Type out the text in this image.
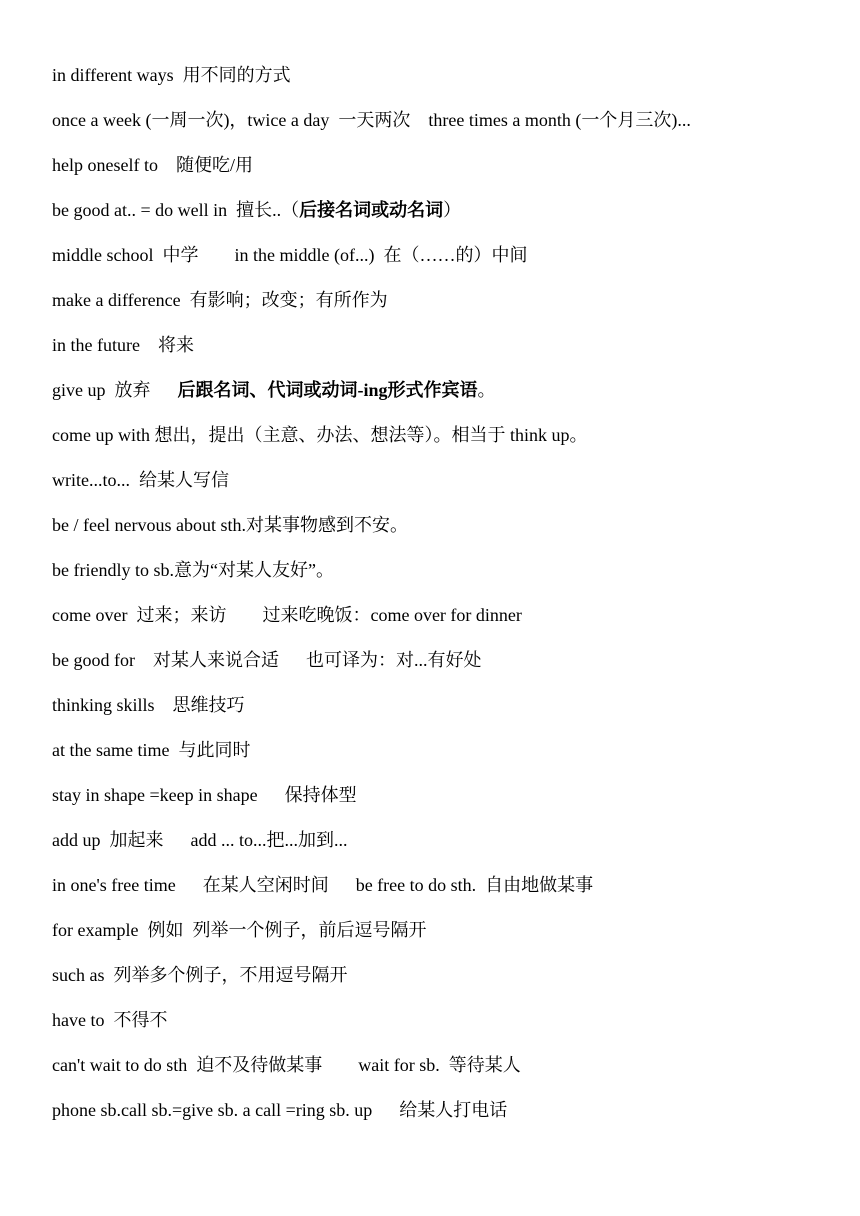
in different ways  用不同的方式
once a week (一周一次)，twice a day  一天两次    three times a month (一个月三次)...
help oneself to    随便吃/用
be good at.. = do well in  擅长..（后接名词或动名词）
middle school  中学        in the middle (of...)  在（……的）中间
make a difference  有影响；改变；有所作为
in the future    将来
give up  放弃      后跟名词、代词或动词-ing形式作宾语。
come up with 想出，提出（主意、办法、想法等）。相当于 think up。
write...to...  给某人写信
be / feel nervous about sth.对某事物感到不安。
be friendly to sb.意为“对某人友好”。
come over  过来；来访        过来吃晚饭：come over for dinner
be good for    对某人来说合适      也可译为：对...有好处
thinking skills    思维技巧
at the same time  与此同时
stay in shape =keep in shape      保持体型
add up  加起来      add ... to...把...加到...
in one's free time      在某人空闲时间      be free to do sth.  自由地做某事
for example  例如  列举一个例子，前后逗号隔开
such as  列举多个例子，不用逗号隔开
have to  不得不
can't wait to do sth  迫不及待做某事        wait for sb.  等待某人
phone sb.call sb.=give sb. a call =ring sb. up      给某人打电话
